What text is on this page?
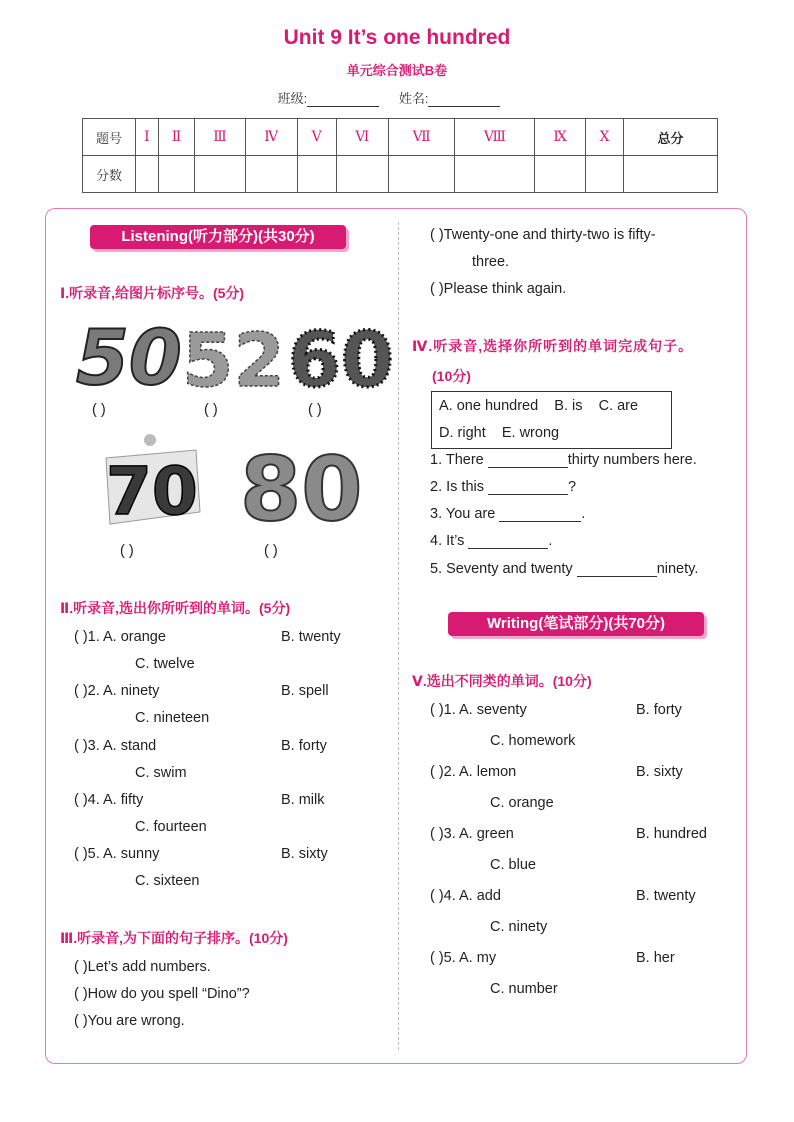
Unit 9 It’s one hundred
单元综合测试B卷
班级:	姓名:
题号	Ⅰ	Ⅱ	Ⅲ	Ⅳ	Ⅴ	Ⅵ	Ⅶ	Ⅷ	Ⅸ	Ⅹ	总分
分数											
Listening(听力部分)(共30分)
Ⅰ.听录音,给图片标序号。(5分)
50 52 60
( )	( )	( )
70 80
( )	( )
Ⅱ.听录音,选出你所听到的单词。(5分)
( )1. A. orange	B. twenty
C. twelve
( )2. A. ninety	B. spell
C. nineteen
( )3. A. stand	B. forty
C. swim
( )4. A. fifty	B. milk
C. fourteen
( )5. A. sunny	B. sixty
C. sixteen
Ⅲ.听录音,为下面的句子排序。(10分)
( )Let’s add numbers.
( )How do you spell “Dino”?
( )You are wrong.
( )Twenty-one and thirty-two is fifty-
three.
( )Please think again.
Ⅳ.听录音,选择你所听到的单词完成句子。
(10分)
A. one hundred    B. is    C. are
D. right    E. wrong
1. There	thirty numbers here.
2. Is this	?
3. You are	.
4. It’s	.
5. Seventy and twenty	ninety.
Writing(笔试部分)(共70分)
Ⅴ.选出不同类的单词。(10分)
( )1. A. seventy	B. forty
C. homework
( )2. A. lemon	B. sixty
C. orange
( )3. A. green	B. hundred
C. blue
( )4. A. add	B. twenty
C. ninety
( )5. A. my	B. her
C. number
